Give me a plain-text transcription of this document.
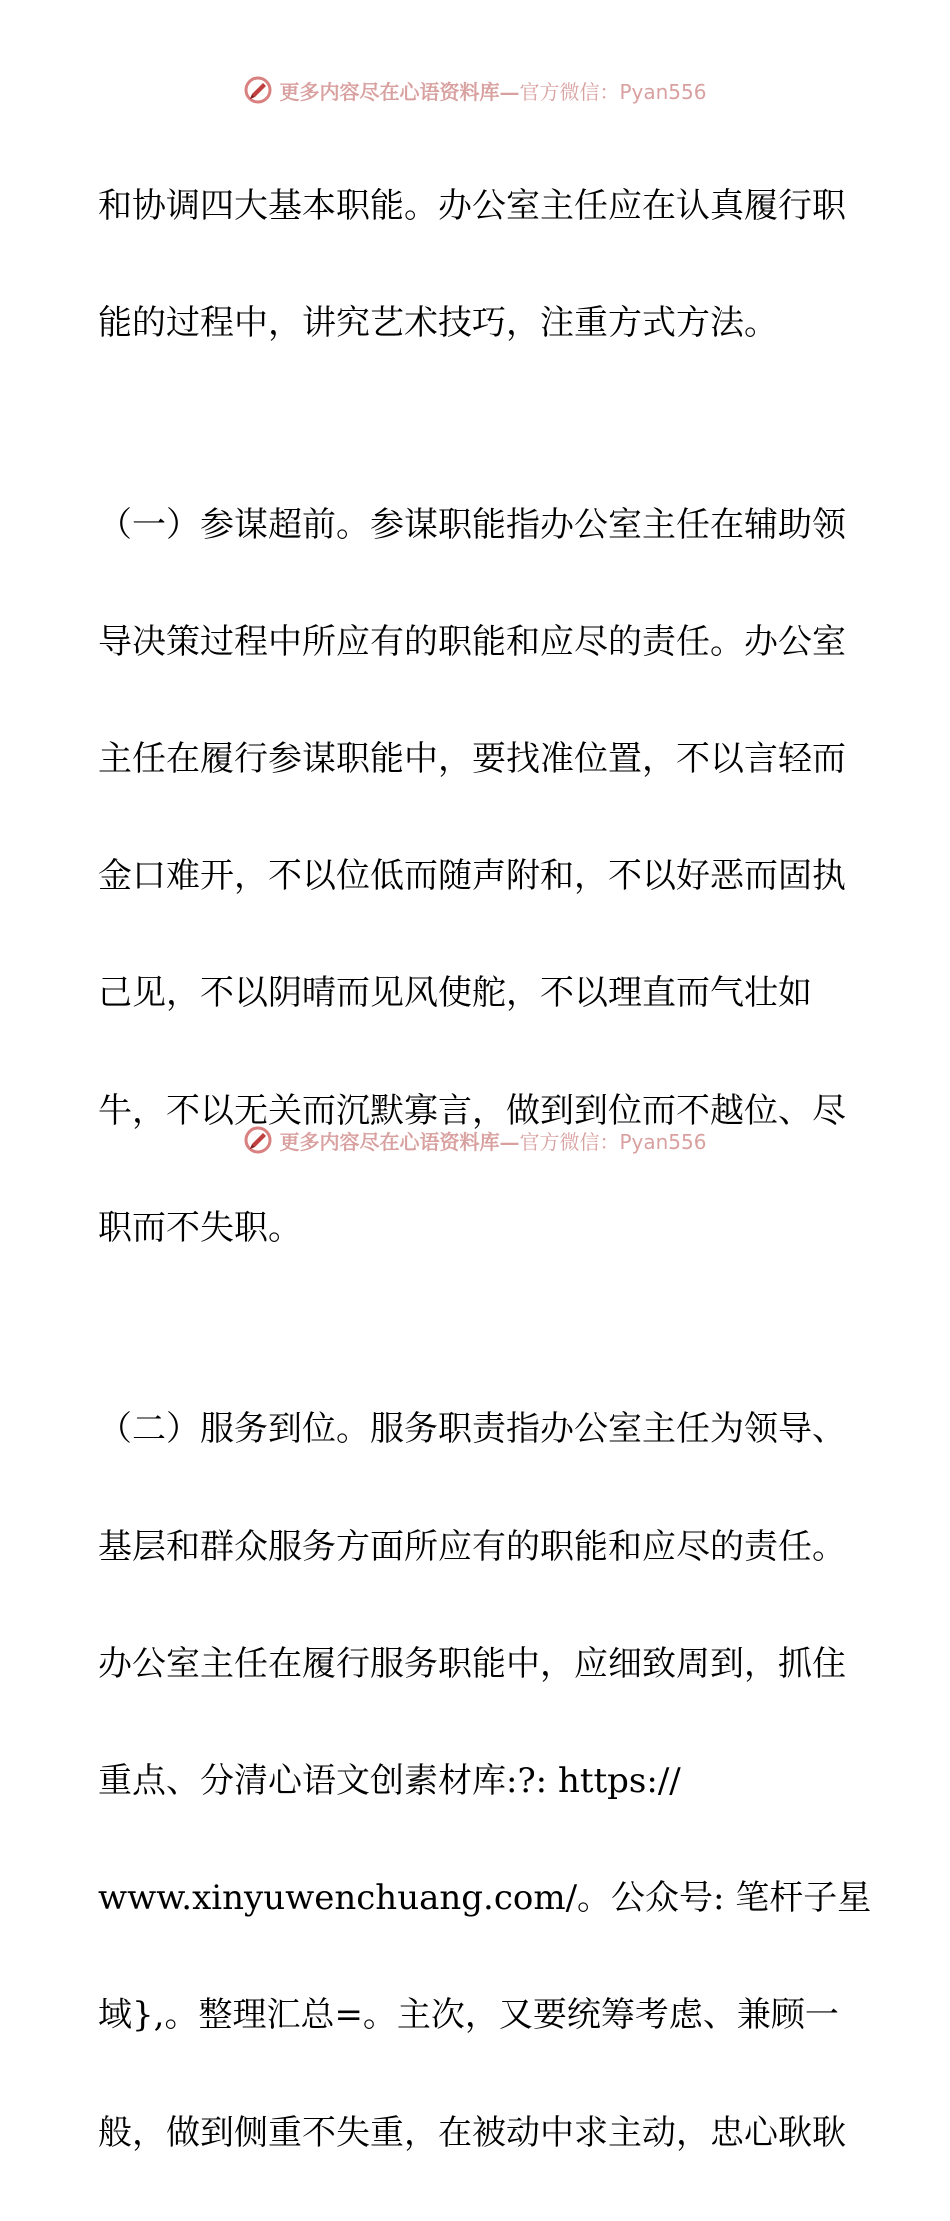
更多内容尽在心语资料库—官方微信：Pyan556

和协调四大基本职能。办公室主任应在认真履行职

能的过程中，讲究艺术技巧，注重方式方法。

（一）参谋超前。参谋职能指办公室主任在辅助领

导决策过程中所应有的职能和应尽的责任。办公室

主任在履行参谋职能中，要找准位置，不以言轻而

金口难开，不以位低而随声附和，不以好恶而固执

己见，不以阴晴而见风使舵，不以理直而气壮如

牛，不以无关而沉默寡言，做到到位而不越位、尽

职而不失职。

（二）服务到位。服务职责指办公室主任为领导、

基层和群众服务方面所应有的职能和应尽的责任。

办公室主任在履行服务职能中，应细致周到，抓住

重点、分清心语文创素材库:?: https://

www.xinyuwenchuang.com/。公众号: 笔杆子星

域},。整理汇总=。主次，又要统筹考虑、兼顾一

般，做到侧重不失重，在被动中求主动，忠心耿耿

更多内容尽在心语资料库—官方微信：Pyan556
